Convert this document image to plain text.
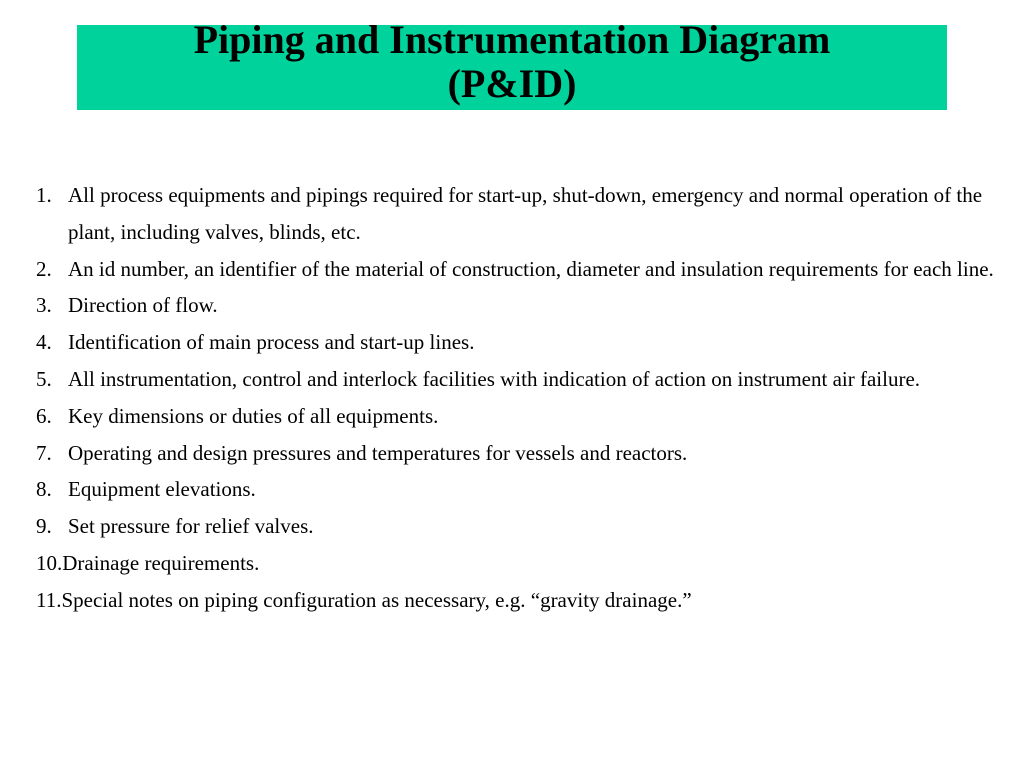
Piping and Instrumentation Diagram
(P&ID)
1. All process equipments and pipings required for start-up, shut-down, emergency and normal operation of the plant, including valves, blinds, etc.
2. An id number, an identifier of the material of construction, diameter and insulation requirements for each line.
3. Direction of flow.
4. Identification of main process and start-up lines.
5. All instrumentation, control and interlock facilities with indication of action on instrument air failure.
6. Key dimensions or duties of all equipments.
7. Operating and design pressures and temperatures for vessels and reactors.
8. Equipment elevations.
9. Set pressure for relief valves.
10.Drainage requirements.
11.Special notes on piping configuration as necessary, e.g. “gravity drainage.”
